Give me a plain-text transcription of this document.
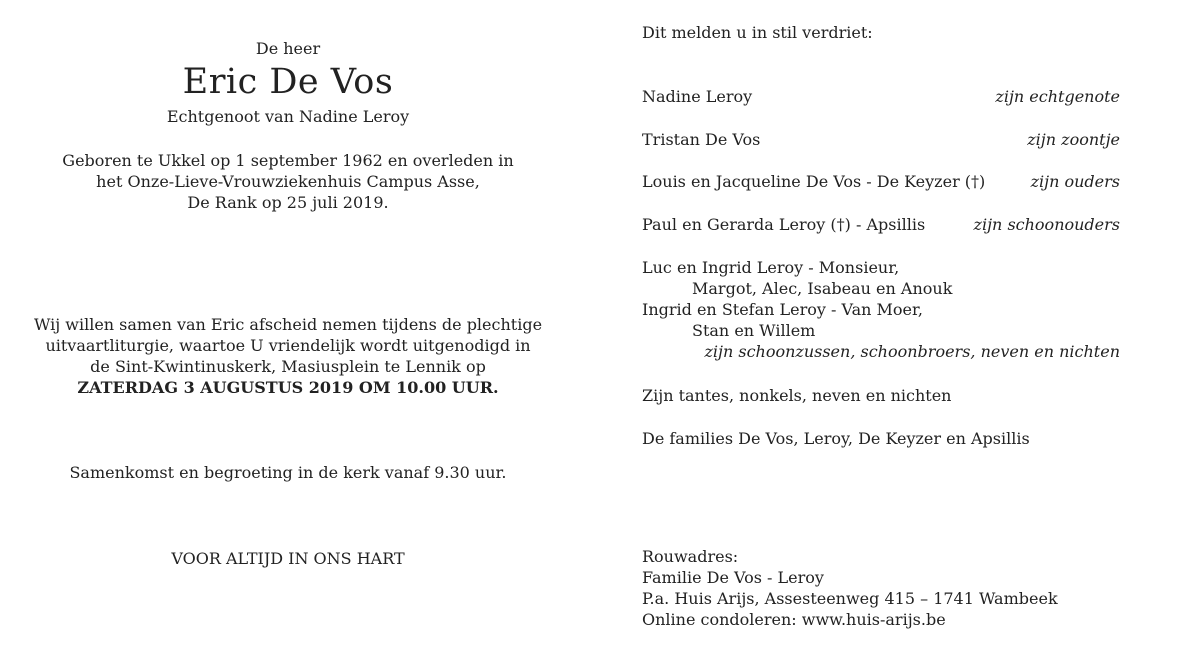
De heer
Eric De Vos
Echtgenoot van Nadine Leroy
Geboren te Ukkel op 1 september 1962 en overleden in
het Onze-Lieve-Vrouwziekenhuis Campus Asse,
De Rank op 25 juli 2019.
Wij willen samen van Eric afscheid nemen tijdens de plechtige
uitvaartliturgie, waartoe U vriendelijk wordt uitgenodigd in
de Sint-Kwintinuskerk, Masiusplein te Lennik op
ZATERDAG 3 AUGUSTUS 2019 OM 10.00 UUR.
Samenkomst en begroeting in de kerk vanaf 9.30 uur.
VOOR ALTIJD IN ONS HART
Dit melden u in stil verdriet:
Nadine Leroy	zijn echtgenote
Tristan De Vos	zijn zoontje
Louis en Jacqueline De Vos - De Keyzer (†)	zijn ouders
Paul en Gerarda Leroy (†) - Apsillis	zijn schoonouders
Luc en Ingrid Leroy - Monsieur,
Margot, Alec, Isabeau en Anouk
Ingrid en Stefan Leroy - Van Moer,
Stan en Willem
zijn schoonzussen, schoonbroers, neven en nichten
Zijn tantes, nonkels, neven en nichten
De families De Vos, Leroy, De Keyzer en Apsillis
Rouwadres:
Familie De Vos - Leroy
P.a. Huis Arijs, Assesteenweg 415 – 1741 Wambeek
Online condoleren: www.huis-arijs.be
